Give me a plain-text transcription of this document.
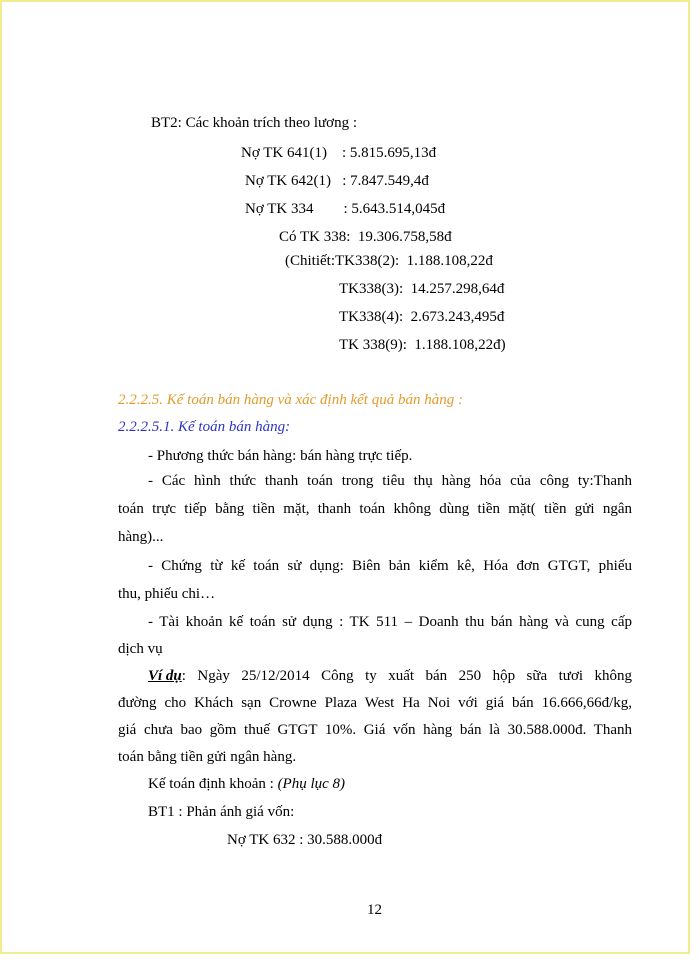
BT2: Các khoản trích theo lương :
Nợ TK 641(1)    : 5.815.695,13đ
Nợ TK 642(1)   : 7.847.549,4đ
Nợ TK 334        : 5.643.514,045đ
Có TK 338:  19.306.758,58đ
(Chitiết:TK338(2):  1.188.108,22đ
TK338(3):  14.257.298,64đ
TK338(4):  2.673.243,495đ
TK 338(9):  1.188.108,22đ)
2.2.2.5. Kế toán bán hàng và xác định kết quả bán hàng :
2.2.2.5.1. Kế toán bán hàng:
- Phương thức bán hàng: bán hàng trực tiếp.
- Các hình thức thanh toán trong tiêu thụ hàng hóa của công ty:Thanh
toán trực tiếp bằng tiền mặt, thanh toán không dùng tiền mặt( tiền gửi ngân
hàng)...
- Chứng từ kế toán sử dụng: Biên bản kiểm kê, Hóa đơn GTGT, phiếu
thu, phiếu chi…
- Tài khoản kế toán sử dụng : TK 511 – Doanh thu bán hàng và cung cấp
dịch vụ
Ví dụ : Ngày 25/12/2014 Công ty xuất bán 250 hộp sữa tươi không
đường cho Khách sạn Crowne Plaza West Ha Noi với giá bán 16.666,66đ/kg,
giá chưa bao gồm thuế GTGT 10%. Giá vốn hàng bán là 30.588.000đ. Thanh
toán bằng tiền gửi ngân hàng.
Kế toán định khoản : (Phụ lục 8)
BT1 : Phản ánh giá vốn:
Nợ TK 632 : 30.588.000đ
12
